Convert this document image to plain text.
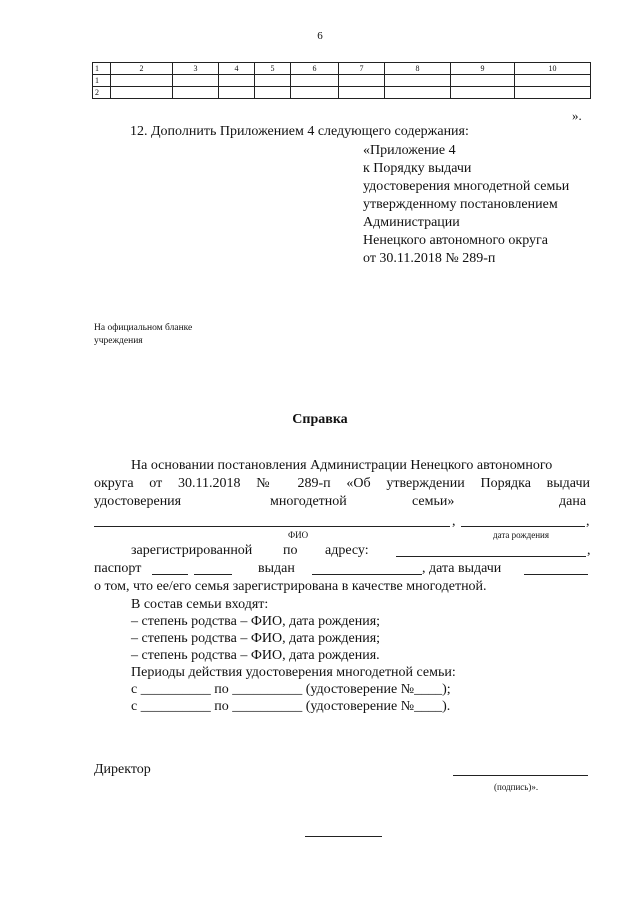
6
1	2	3	4	5	6	7	8	9	10
1									
2									
».
12. Дополнить Приложением 4 следующего содержания:
«Приложение 4
к Порядку выдачи
удостоверения многодетной семьи
утвержденному постановлением
Администрации
Ненецкого автономного округа
от 30.11.2018 № 289-п
На официальном бланке
учреждения
Справка
На основании постановления Администрации Ненецкого автономного
округа от 30.11.2018 № 289-п «Об утверждении Порядка выдачи
удостоверения	многодетной	семьи»	дана
,	,
ФИО	дата рождения
зарегистрированной по адресу:	,
паспорт	выдан	, дата выдачи
о том, что ее/его семья зарегистрирована в качестве многодетной.
В состав семьи входят:
– степень родства – ФИО, дата рождения;
– степень родства – ФИО, дата рождения;
– степень родства – ФИО, дата рождения.
Периоды действия удостоверения многодетной семьи:
с __________ по __________ (удостоверение №____);
с __________ по __________ (удостоверение №____).
Директор
(подпись)».
